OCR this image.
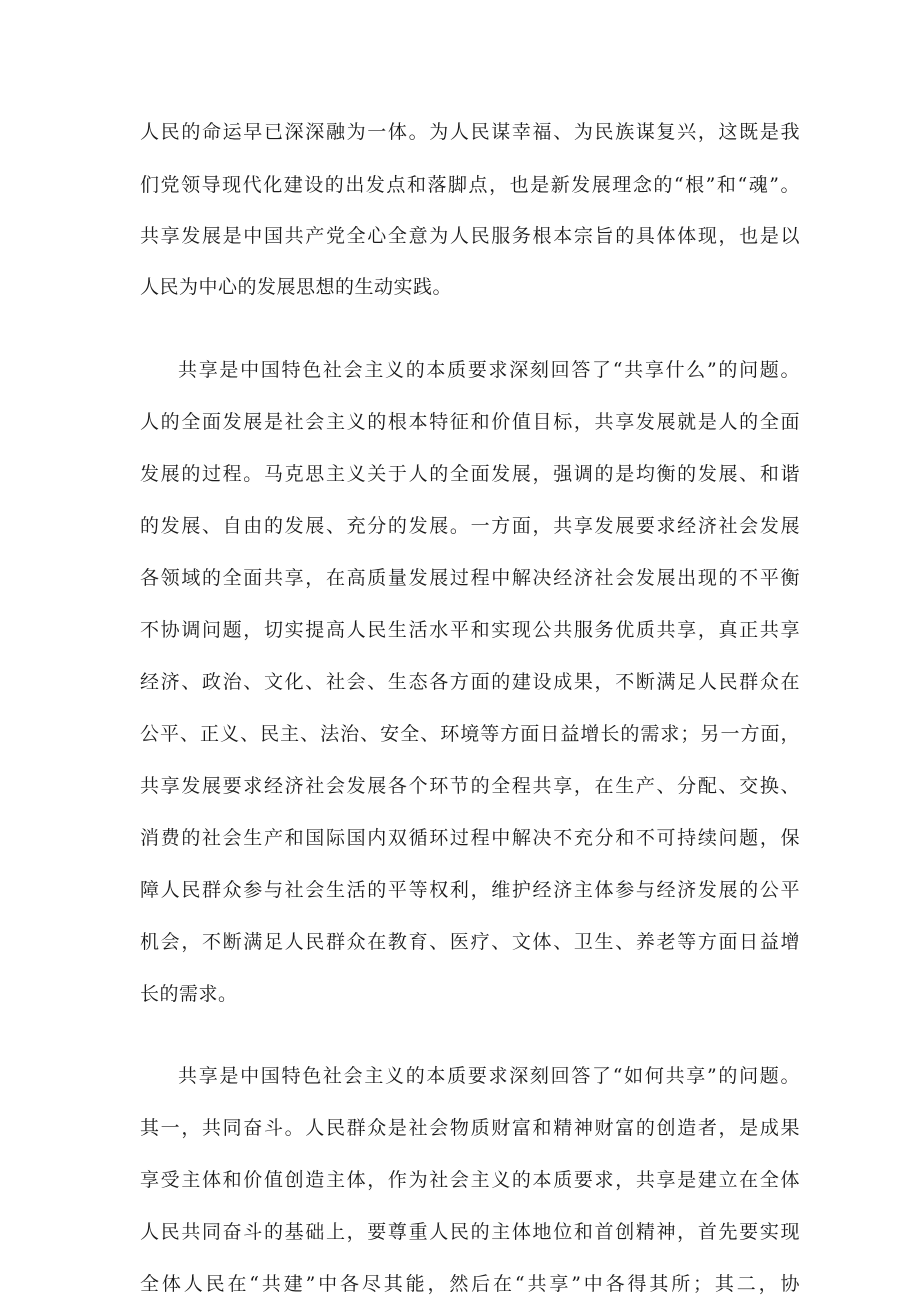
人民的命运早已深深融为一体。为人民谋幸福、为民族谋复兴，这既是我
们党领导现代化建设的出发点和落脚点，也是新发展理念的“根”和“魂”。
共享发展是中国共产党全心全意为人民服务根本宗旨的具体体现，也是以
人民为中心的发展思想的生动实践。
共享是中国特色社会主义的本质要求深刻回答了“共享什么”的问题。
人的全面发展是社会主义的根本特征和价值目标，共享发展就是人的全面
发展的过程。马克思主义关于人的全面发展，强调的是均衡的发展、和谐
的发展、自由的发展、充分的发展。一方面，共享发展要求经济社会发展
各领域的全面共享，在高质量发展过程中解决经济社会发展出现的不平衡
不协调问题，切实提高人民生活水平和实现公共服务优质共享，真正共享
经济、政治、文化、社会、生态各方面的建设成果，不断满足人民群众在
公平、正义、民主、法治、安全、环境等方面日益增长的需求；另一方面，
共享发展要求经济社会发展各个环节的全程共享，在生产、分配、交换、
消费的社会生产和国际国内双循环过程中解决不充分和不可持续问题，保
障人民群众参与社会生活的平等权利，维护经济主体参与经济发展的公平
机会，不断满足人民群众在教育、医疗、文体、卫生、养老等方面日益增
长的需求。
共享是中国特色社会主义的本质要求深刻回答了“如何共享”的问题。
其一，共同奋斗。人民群众是社会物质财富和精神财富的创造者，是成果
享受主体和价值创造主体，作为社会主义的本质要求，共享是建立在全体
人民共同奋斗的基础上，要尊重人民的主体地位和首创精神，首先要实现
全体人民在“共建”中各尽其能，然后在“共享”中各得其所；其二，协
